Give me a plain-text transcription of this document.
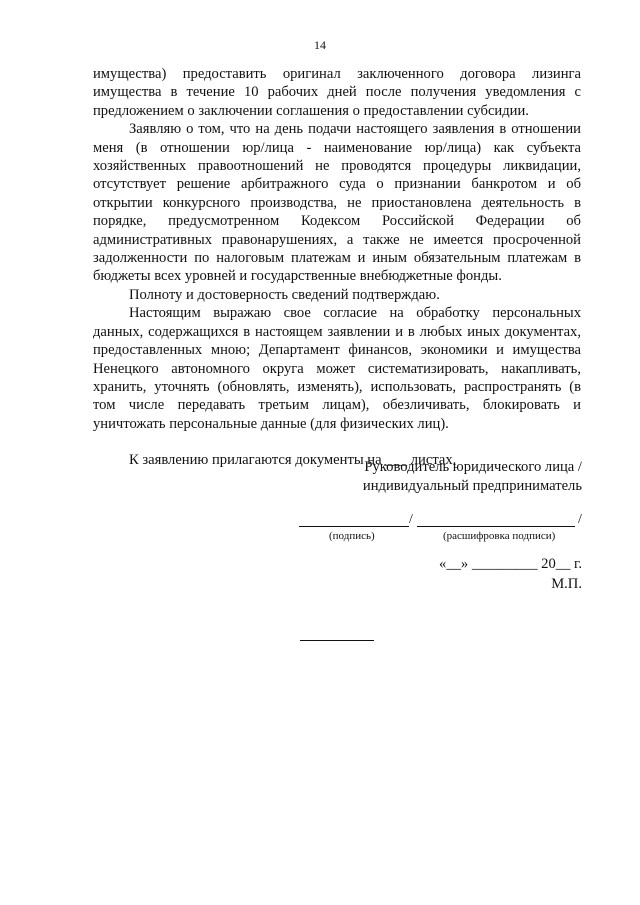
14

имущества) предоставить оригинал заключенного договора лизинга имущества в течение 10 рабочих дней после получения уведомления с предложением о заключении соглашения о предоставлении субсидии.

Заявляю о том, что на день подачи настоящего заявления в отношении меня (в отношении юр/лица - наименование юр/лица) как субъекта хозяйственных правоотношений не проводятся процедуры ликвидации, отсутствует решение арбитражного суда о признании банкротом и об открытии конкурсного производства, не приостановлена деятельность в порядке, предусмотренном Кодексом Российской Федерации об административных правонарушениях, а также не имеется просроченной задолженности по налоговым платежам и иным обязательным платежам в бюджеты всех уровней и государственные внебюджетные фонды.

Полноту и достоверность сведений подтверждаю.

Настоящим выражаю свое согласие на обработку персональных данных, содержащихся в настоящем заявлении и в любых иных документах, предоставленных мною; Департамент финансов, экономики и имущества Ненецкого автономного округа может систематизировать, накапливать, хранить, уточнять (обновлять, изменять), использовать, распространять (в том числе передавать третьим лицам), обезличивать, блокировать и уничтожать персональные данные (для физических лиц).

К заявлению прилагаются документы на ___ листах.

Руководитель юридического лица /
индивидуальный предприниматель
/	/
(подпись)	(расшифровка подписи)
«__» _________ 20__ г.
М.П.
